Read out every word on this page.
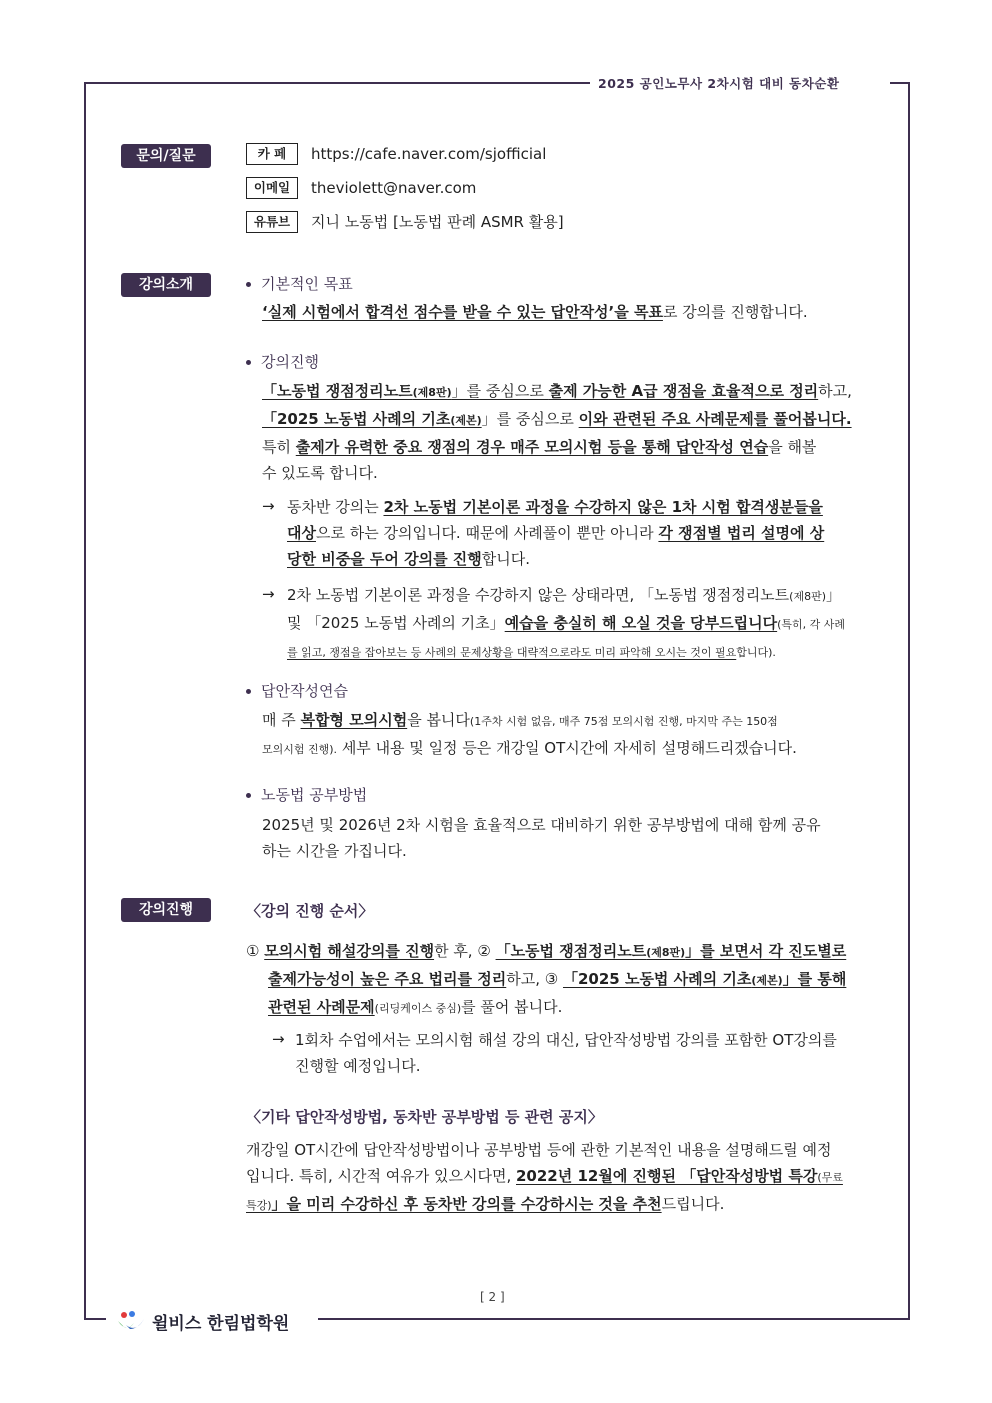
2025 공인노무사 2차시험 대비 동차순환
문의/질문	카 페	https://cafe.naver.com/sjofficial
이메일	theviolett@naver.com
유튜브	지니 노동법 [노동법 판례 ASMR 활용]
강의소개	기본적인 목표
‘실제 시험에서 합격선 점수를 받을 수 있는 답안작성’을 목표로 강의를 진행합니다.
강의진행
「노동법 쟁점정리노트(제8판)」를 중심으로 출제 가능한 A급 쟁점을 효율적으로 정리하고,
「2025 노동법 사례의 기초(제본)」를 중심으로 이와 관련된 주요 사례문제를 풀어봅니다.
특히 출제가 유력한 중요 쟁점의 경우 매주 모의시험 등을 통해 답안작성 연습을 해볼
수 있도록 합니다.
→ 동차반 강의는 2차 노동법 기본이론 과정을 수강하지 않은 1차 시험 합격생분들을
대상으로 하는 강의입니다. 때문에 사례풀이 뿐만 아니라 각 쟁점별 법리 설명에 상
당한 비중을 두어 강의를 진행합니다.
→ 2차 노동법 기본이론 과정을 수강하지 않은 상태라면, 「노동법 쟁점정리노트(제8판)」
및 「2025 노동법 사례의 기초」예습을 충실히 해 오실 것을 당부드립니다(특히, 각 사례
를 읽고, 쟁점을 잡아보는 등 사례의 문제상황을 대략적으로라도 미리 파악해 오시는 것이 필요합니다).
답안작성연습
매 주 복합형 모의시험을 봅니다(1주차 시험 없음, 매주 75점 모의시험 진행, 마지막 주는 150점
모의시험 진행). 세부 내용 및 일정 등은 개강일 OT시간에 자세히 설명해드리겠습니다.
노동법 공부방법
2025년 및 2026년 2차 시험을 효율적으로 대비하기 위한 공부방법에 대해 함께 공유
하는 시간을 가집니다.
강의진행	〈강의 진행 순서〉
① 모의시험 해설강의를 진행한 후, ② 「노동법 쟁점정리노트(제8판)」를 보면서 각 진도별로
출제가능성이 높은 주요 법리를 정리하고, ③ 「2025 노동법 사례의 기초(제본)」를 통해
관련된 사례문제(리딩케이스 중심)를 풀어 봅니다.
→ 1회차 수업에서는 모의시험 해설 강의 대신, 답안작성방법 강의를 포함한 OT강의를
진행할 예정입니다.
〈기타 답안작성방법, 동차반 공부방법 등 관련 공지〉
개강일 OT시간에 답안작성방법이나 공부방법 등에 관한 기본적인 내용을 설명해드릴 예정
입니다. 특히, 시간적 여유가 있으시다면, 2022년 12월에 진행된 「답안작성방법 특강(무료
특강)」을 미리 수강하신 후 동차반 강의를 수강하시는 것을 추천드립니다.
[ 2 ]
윌비스 한림법학원
